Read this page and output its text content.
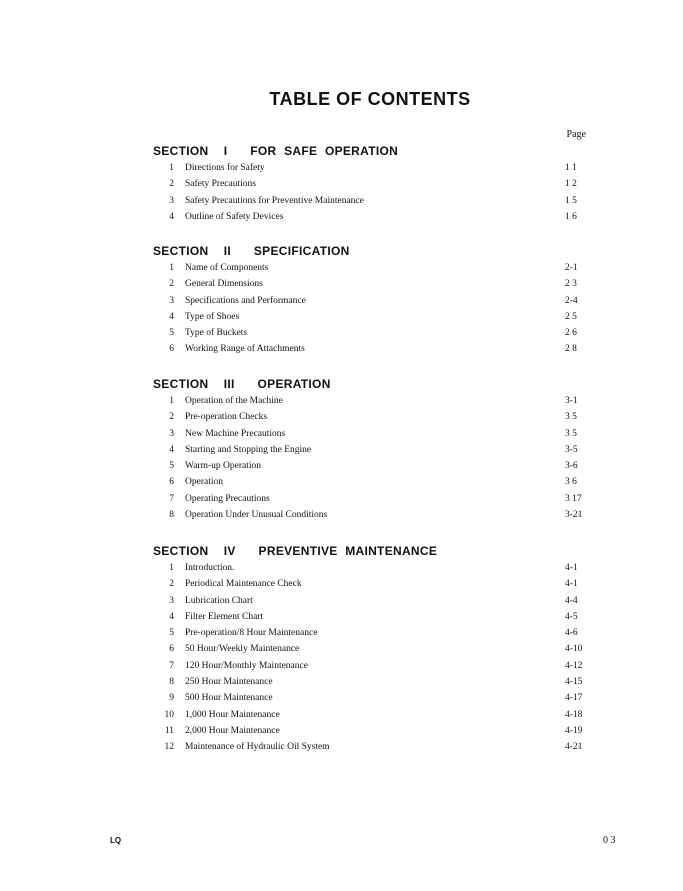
TABLE OF CONTENTS
Page
SECTION  I   FOR SAFE OPERATION
1 Directions for Safety	1 1
2 Safety Precautions	1 2
3 Safety Precautions for Preventive Maintenance	1 5
4 Outline of Safety Devices	1 6
SECTION  II   SPECIFICATION
1 Name of Components	2-1
2 General Dimensions	2 3
3 Specifications and Performance	2-4
4 Type of Shoes	2 5
5 Type of Buckets	2 6
6 Working Range of Attachments	2 8
SECTION  III   OPERATION
1 Operation of the Machine	3-1
2 Pre-operation Checks	3 5
3 New Machine Precautions	3 5
4 Starting and Stopping the Engine	3-5
5 Warm-up Operation	3-6
6 Operation	3 6
7 Operating Precautions	3 17
8 Operation Under Unusual Conditions	3-21
SECTION  IV   PREVENTIVE MAINTENANCE
1 Introduction.	4-1
2 Periodical Maintenance Check	4-1
3 Lubrication Chart	4-4
4 Filter Element Chart	4-5
5 Pre-operation/8 Hour Maintenance	4-6
6 50 Hour/Weekly Maintenance	4-10
7 120 Hour/Monthly Maintenance	4-12
8 250 Hour Maintenance	4-15
9 500 Hour Maintenance	4-17
10 1,000 Hour Maintenance	4-18
11 2,000 Hour Maintenance	4-19
12 Maintenance of Hydraulic Oil System	4-21
LQ	0 3
